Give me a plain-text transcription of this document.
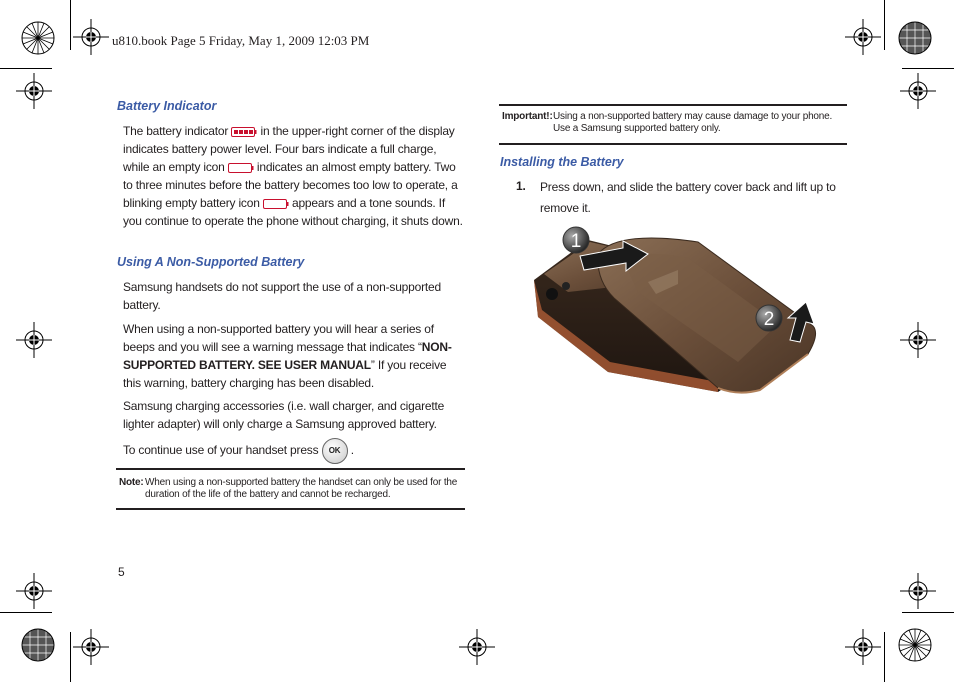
u810.book Page 5 Friday, May 1, 2009 12:03 PM
Battery Indicator
The battery indicator	in the upper-right corner of the display indicates battery power level. Four bars indicate a full charge, while an empty icon	indicates an almost empty battery. Two to three minutes before the battery becomes too low to operate, a blinking empty battery icon	appears and a tone sounds. If you continue to operate the phone without charging, it shuts down.
Using A Non-Supported Battery
Samsung handsets do not support the use of a non-supported battery.
When using a non-supported battery you will hear a series of beeps and you will see a warning message that indicates “NON-SUPPORTED BATTERY. SEE USER MANUAL” If you receive this warning, battery charging has been disabled.
Samsung charging accessories (i.e. wall charger, and cigarette lighter adapter) will only charge a Samsung approved battery.
To continue use of your handset press OK .
Note: When using a non-supported battery the handset can only be used for the duration of the life of the battery and cannot be recharged.
5
Important!: Using a non-supported battery may cause damage to your phone. Use a Samsung supported battery only.
Installing the Battery
1. Press down, and slide the battery cover back and lift up to remove it.
1
2
